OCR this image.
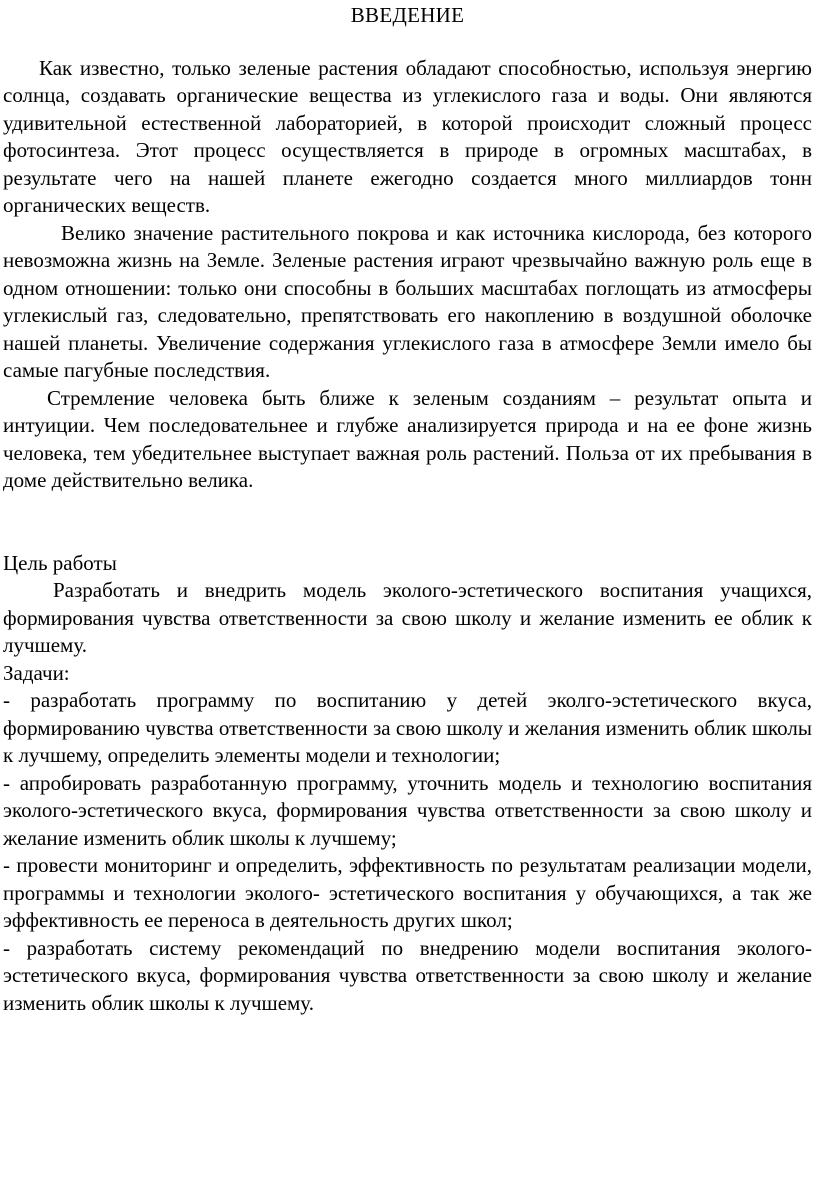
ВВЕДЕНИЕ

Как известно, только зеленые растения обладают способностью, используя энергию солнца, создавать органические вещества из углекислого газа и воды. Они являются удивительной естественной лабораторией, в которой происходит сложный процесс фотосинтеза. Этот процесс осуществляется в природе в огромных масштабах, в результате чего на нашей планете ежегодно создается много миллиардов тонн органических веществ.

Велико значение растительного покрова и как источника кислорода, без которого невозможна жизнь на Земле. Зеленые растения играют чрезвычайно важную роль еще в одном отношении: только они способны в больших масштабах поглощать из атмосферы углекислый газ, следовательно, препятствовать его накоплению в воздушной оболочке нашей планеты. Увеличение содержания углекислого газа в атмосфере Земли имело бы самые пагубные последствия.

Стремление человека быть ближе к зеленым созданиям – результат опыта и интуиции. Чем последовательнее и глубже анализируется природа и на ее фоне жизнь человека, тем убедительнее выступает важная роль растений. Польза от их пребывания в доме действительно велика.

Цель работы

Разработать и внедрить модель эколого-эстетического воспитания учащихся, формирования чувства ответственности за свою школу и желание изменить ее облик к лучшему.

Задачи:

- разработать программу по воспитанию у детей эколго-эстетического вкуса, формированию чувства ответственности за свою школу и желания изменить облик школы к лучшему, определить элементы модели и технологии;

- апробировать разработанную программу, уточнить модель и технологию воспитания эколого-эстетического вкуса, формирования чувства ответственности за свою школу и желание изменить облик школы к лучшему;

- провести мониторинг и определить, эффективность по результатам реализации модели, программы и технологии эколого- эстетического воспитания у обучающихся, а так же эффективность ее переноса в деятельность других школ;

- разработать систему рекомендаций по внедрению модели воспитания эколого-эстетического вкуса, формирования чувства ответственности за свою школу и желание изменить облик школы к лучшему.
